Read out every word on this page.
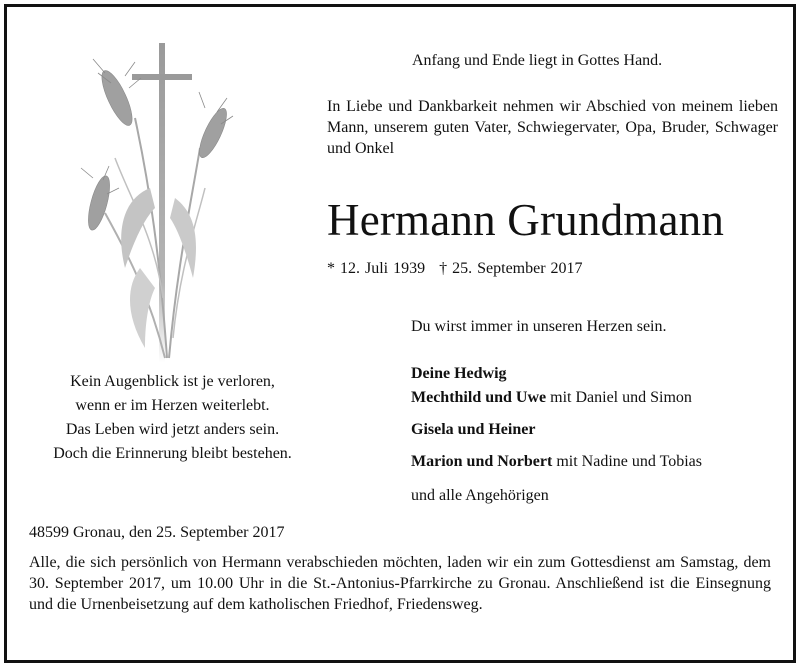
Anfang und Ende liegt in Gottes Hand.

In Liebe und Dankbarkeit nehmen wir Abschied von meinem lieben Mann, unserem guten Vater, Schwiegervater, Opa, Bruder, Schwager und Onkel

Hermann Grundmann

* 12. Juli 1939 † 25. September 2017

Du wirst immer in unseren Herzen sein.

Deine Hedwig
Mechthild und Uwe mit Daniel und Simon
Gisela und Heiner
Marion und Norbert mit Nadine und Tobias
und alle Angehörigen
Kein Augenblick ist je verloren,
wenn er im Herzen weiterlebt.
Das Leben wird jetzt anders sein.
Doch die Erinnerung bleibt bestehen.

48599 Gronau, den 25. September 2017

Alle, die sich persönlich von Hermann verabschieden möchten, laden wir ein zum Gottesdienst am Samstag, dem 30. September 2017, um 10.00 Uhr in die St.-Antonius-Pfarrkirche zu Gronau. Anschließend ist die Einsegnung und die Urnenbeisetzung auf dem katholischen Friedhof, Friedensweg.
